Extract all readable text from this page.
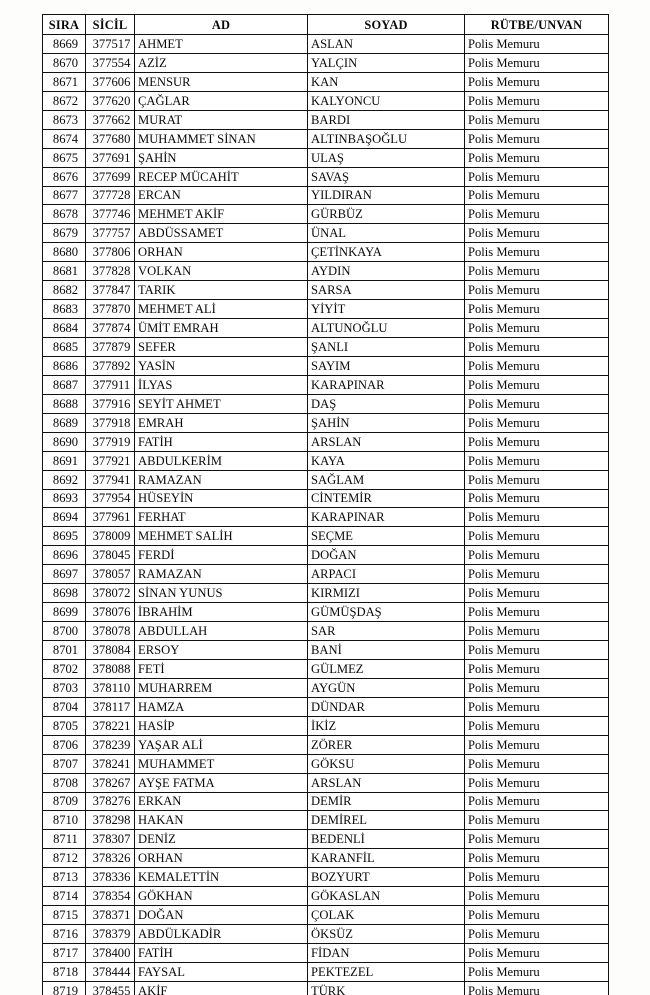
SIRA	SİCİL	AD	SOYAD	RÜTBE/UNVAN
8669	377517	AHMET	ASLAN	Polis Memuru
8670	377554	AZİZ	YALÇIN	Polis Memuru
8671	377606	MENSUR	KAN	Polis Memuru
8672	377620	ÇAĞLAR	KALYONCU	Polis Memuru
8673	377662	MURAT	BARDI	Polis Memuru
8674	377680	MUHAMMET SİNAN	ALTINBAŞOĞLU	Polis Memuru
8675	377691	ŞAHİN	ULAŞ	Polis Memuru
8676	377699	RECEP MÜCAHİT	SAVAŞ	Polis Memuru
8677	377728	ERCAN	YILDIRAN	Polis Memuru
8678	377746	MEHMET AKİF	GÜRBÜZ	Polis Memuru
8679	377757	ABDÜSSAMET	ÜNAL	Polis Memuru
8680	377806	ORHAN	ÇETİNKAYA	Polis Memuru
8681	377828	VOLKAN	AYDIN	Polis Memuru
8682	377847	TARIK	SARSA	Polis Memuru
8683	377870	MEHMET ALİ	YİYİT	Polis Memuru
8684	377874	ÜMİT EMRAH	ALTUNOĞLU	Polis Memuru
8685	377879	SEFER	ŞANLI	Polis Memuru
8686	377892	YASİN	SAYIM	Polis Memuru
8687	377911	İLYAS	KARAPINAR	Polis Memuru
8688	377916	SEYİT AHMET	DAŞ	Polis Memuru
8689	377918	EMRAH	ŞAHİN	Polis Memuru
8690	377919	FATİH	ARSLAN	Polis Memuru
8691	377921	ABDULKERİM	KAYA	Polis Memuru
8692	377941	RAMAZAN	SAĞLAM	Polis Memuru
8693	377954	HÜSEYİN	CİNTEMİR	Polis Memuru
8694	377961	FERHAT	KARAPINAR	Polis Memuru
8695	378009	MEHMET SALİH	SEÇME	Polis Memuru
8696	378045	FERDİ	DOĞAN	Polis Memuru
8697	378057	RAMAZAN	ARPACI	Polis Memuru
8698	378072	SİNAN YUNUS	KIRMIZI	Polis Memuru
8699	378076	İBRAHİM	GÜMÜŞDAŞ	Polis Memuru
8700	378078	ABDULLAH	SAR	Polis Memuru
8701	378084	ERSOY	BANİ	Polis Memuru
8702	378088	FETİ	GÜLMEZ	Polis Memuru
8703	378110	MUHARREM	AYGÜN	Polis Memuru
8704	378117	HAMZA	DÜNDAR	Polis Memuru
8705	378221	HASİP	İKİZ	Polis Memuru
8706	378239	YAŞAR ALİ	ZÖRER	Polis Memuru
8707	378241	MUHAMMET	GÖKSU	Polis Memuru
8708	378267	AYŞE FATMA	ARSLAN	Polis Memuru
8709	378276	ERKAN	DEMİR	Polis Memuru
8710	378298	HAKAN	DEMİREL	Polis Memuru
8711	378307	DENİZ	BEDENLİ	Polis Memuru
8712	378326	ORHAN	KARANFİL	Polis Memuru
8713	378336	KEMALETTİN	BOZYURT	Polis Memuru
8714	378354	GÖKHAN	GÖKASLAN	Polis Memuru
8715	378371	DOĞAN	ÇOLAK	Polis Memuru
8716	378379	ABDÜLKADİR	ÖKSÜZ	Polis Memuru
8717	378400	FATİH	FİDAN	Polis Memuru
8718	378444	FAYSAL	PEKTEZEL	Polis Memuru
8719	378455	AKİF	TÜRK	Polis Memuru
